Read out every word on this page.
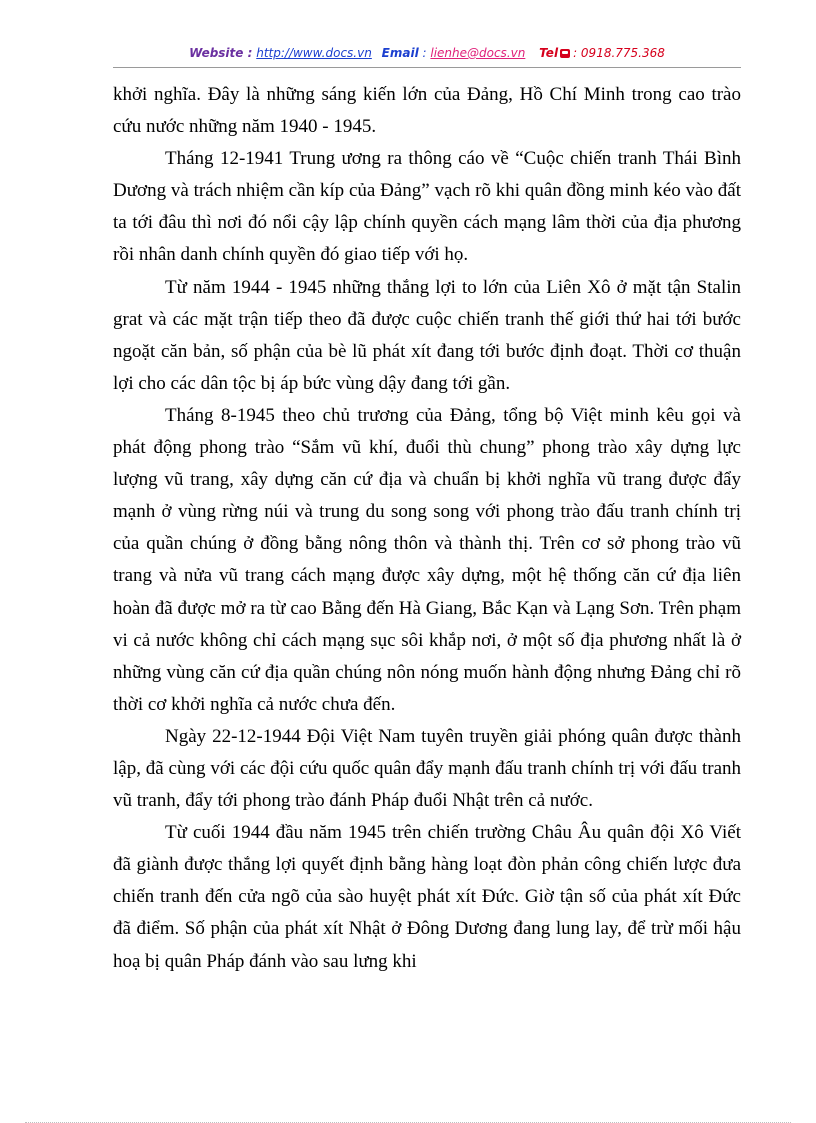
Website : http://www.docs.vn Email : lienhe@docs.vn Tel : 0918.775.368

khởi nghĩa. Đây là những sáng kiến lớn của Đảng, Hồ Chí Minh trong cao trào cứu nước những năm 1940 - 1945.

Tháng 12-1941 Trung ương ra thông cáo về “Cuộc chiến tranh Thái Bình Dương và trách nhiệm cần kíp của Đảng” vạch rõ khi quân đồng minh kéo vào đất ta tới đâu thì nơi đó nổi cậy lập chính quyền cách mạng lâm thời của địa phương rồi nhân danh chính quyền đó giao tiếp với họ.

Từ năm 1944 - 1945 những thắng lợi to lớn của Liên Xô ở mặt tận Stalin grat và các mặt trận tiếp theo đã được cuộc chiến tranh thế giới thứ hai tới bước ngoặt căn bản, số phận của bè lũ phát xít đang tới bước định đoạt. Thời cơ thuận lợi cho các dân tộc bị áp bức vùng dậy đang tới gần.

Tháng 8-1945 theo chủ trương của Đảng, tổng bộ Việt minh kêu gọi và phát động phong trào “Sắm vũ khí, đuổi thù chung” phong trào xây dựng lực lượng vũ trang, xây dựng căn cứ địa và chuẩn bị khởi nghĩa vũ trang được đẩy mạnh ở vùng rừng núi và trung du song song với phong trào đấu tranh chính trị của quần chúng ở đồng bằng nông thôn và thành thị. Trên cơ sở phong trào vũ trang và nửa vũ trang cách mạng được xây dựng, một hệ thống căn cứ địa liên hoàn đã được mở ra từ cao Bằng đến Hà Giang, Bắc Kạn và Lạng Sơn. Trên phạm vi cả nước không chỉ cách mạng sục sôi khắp nơi, ở một số địa phương nhất là ở những vùng căn cứ địa quần chúng nôn nóng muốn hành động nhưng Đảng chỉ rõ thời cơ khởi nghĩa cả nước chưa đến.

Ngày 22-12-1944 Đội Việt Nam tuyên truyền giải phóng quân được thành lập, đã cùng với các đội cứu quốc quân đẩy mạnh đấu tranh chính trị với đấu tranh vũ tranh, đẩy tới phong trào đánh Pháp đuổi Nhật trên cả nước.

Từ cuối 1944 đầu năm 1945 trên chiến trường Châu Âu quân đội Xô Viết đã giành được thắng lợi quyết định bằng hàng loạt đòn phản công chiến lược đưa chiến tranh đến cửa ngõ của sào huyệt phát xít Đức. Giờ tận số của phát xít Đức đã điểm. Số phận của phát xít Nhật ở Đông Dương đang lung lay, để trừ mối hậu hoạ bị quân Pháp đánh vào sau lưng khi
